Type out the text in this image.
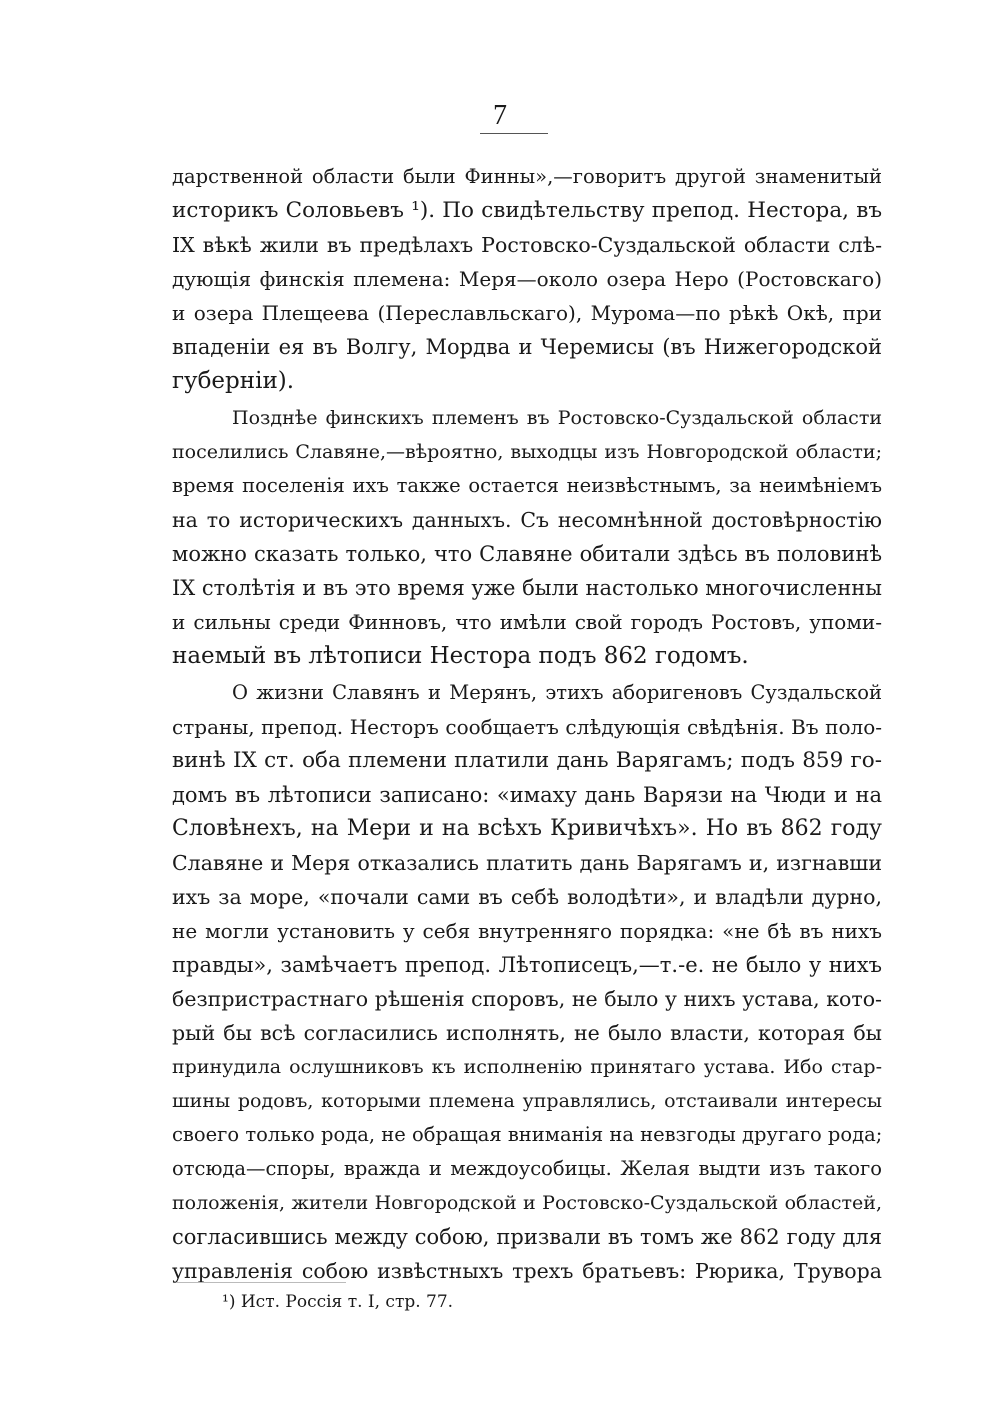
7
дарственной области были Финны»,—говоритъ другой знаменитый
историкъ Соловьевъ ¹). По свидѣтельству препод. Нестора, въ
IX вѣкѣ жили въ предѣлахъ Ростовско-Суздальской области слѣ-
дующія финскія племена: Меря—около озера Неро (Ростовскаго)
и озера Плещеева (Переславльскаго), Мурома—по рѣкѣ Окѣ, при
впаденіи ея въ Волгу, Мордва и Черемисы (въ Нижегородской
губерніи).
Позднѣе финскихъ племенъ въ Ростовско-Суздальской области
поселились Славяне,—вѣроятно, выходцы изъ Новгородской области;
время поселенія ихъ также остается неизвѣстнымъ, за неимѣніемъ
на то историческихъ данныхъ. Съ несомнѣнной достовѣрностію
можно сказать только, что Славяне обитали здѣсь въ половинѣ
IX столѣтія и въ это время уже были настолько многочисленны
и сильны среди Финновъ, что имѣли свой городъ Ростовъ, упоми-
наемый въ лѣтописи Нестора подъ 862 годомъ.
О жизни Славянъ и Мерянъ, этихъ аборигеновъ Суздальской
страны, препод. Несторъ сообщаетъ слѣдующія свѣдѣнія. Въ поло-
винѣ IX ст. оба племени платили дань Варягамъ; подъ 859 го-
домъ въ лѣтописи записано: «имаху дань Варязи на Чюди и на
Словѣнехъ, на Мери и на всѣхъ Кривичѣхъ». Но въ 862 году
Славяне и Меря отказались платить дань Варягамъ и, изгнавши
ихъ за море, «почали сами въ себѣ володѣти», и владѣли дурно,
не могли установить у себя внутренняго порядка: «не бѣ въ нихъ
правды», замѣчаетъ препод. Лѣтописецъ,—т.-е. не было у нихъ
безпристрастнаго рѣшенія споровъ, не было у нихъ устава, кото-
рый бы всѣ согласились исполнять, не было власти, которая бы
принудила ослушниковъ къ исполненію принятаго устава. Ибо стар-
шины родовъ, которыми племена управлялись, отстаивали интересы
своего только рода, не обращая вниманія на невзгоды другаго рода;
отсюда—споры, вражда и междоусобицы. Желая выдти изъ такого
положенія, жители Новгородской и Ростовско-Суздальской областей,
согласившись между собою, призвали въ томъ же 862 году для
управленія собою извѣстныхъ трехъ братьевъ: Рюрика, Трувора
¹) Ист. Россія т. I, стр. 77.
